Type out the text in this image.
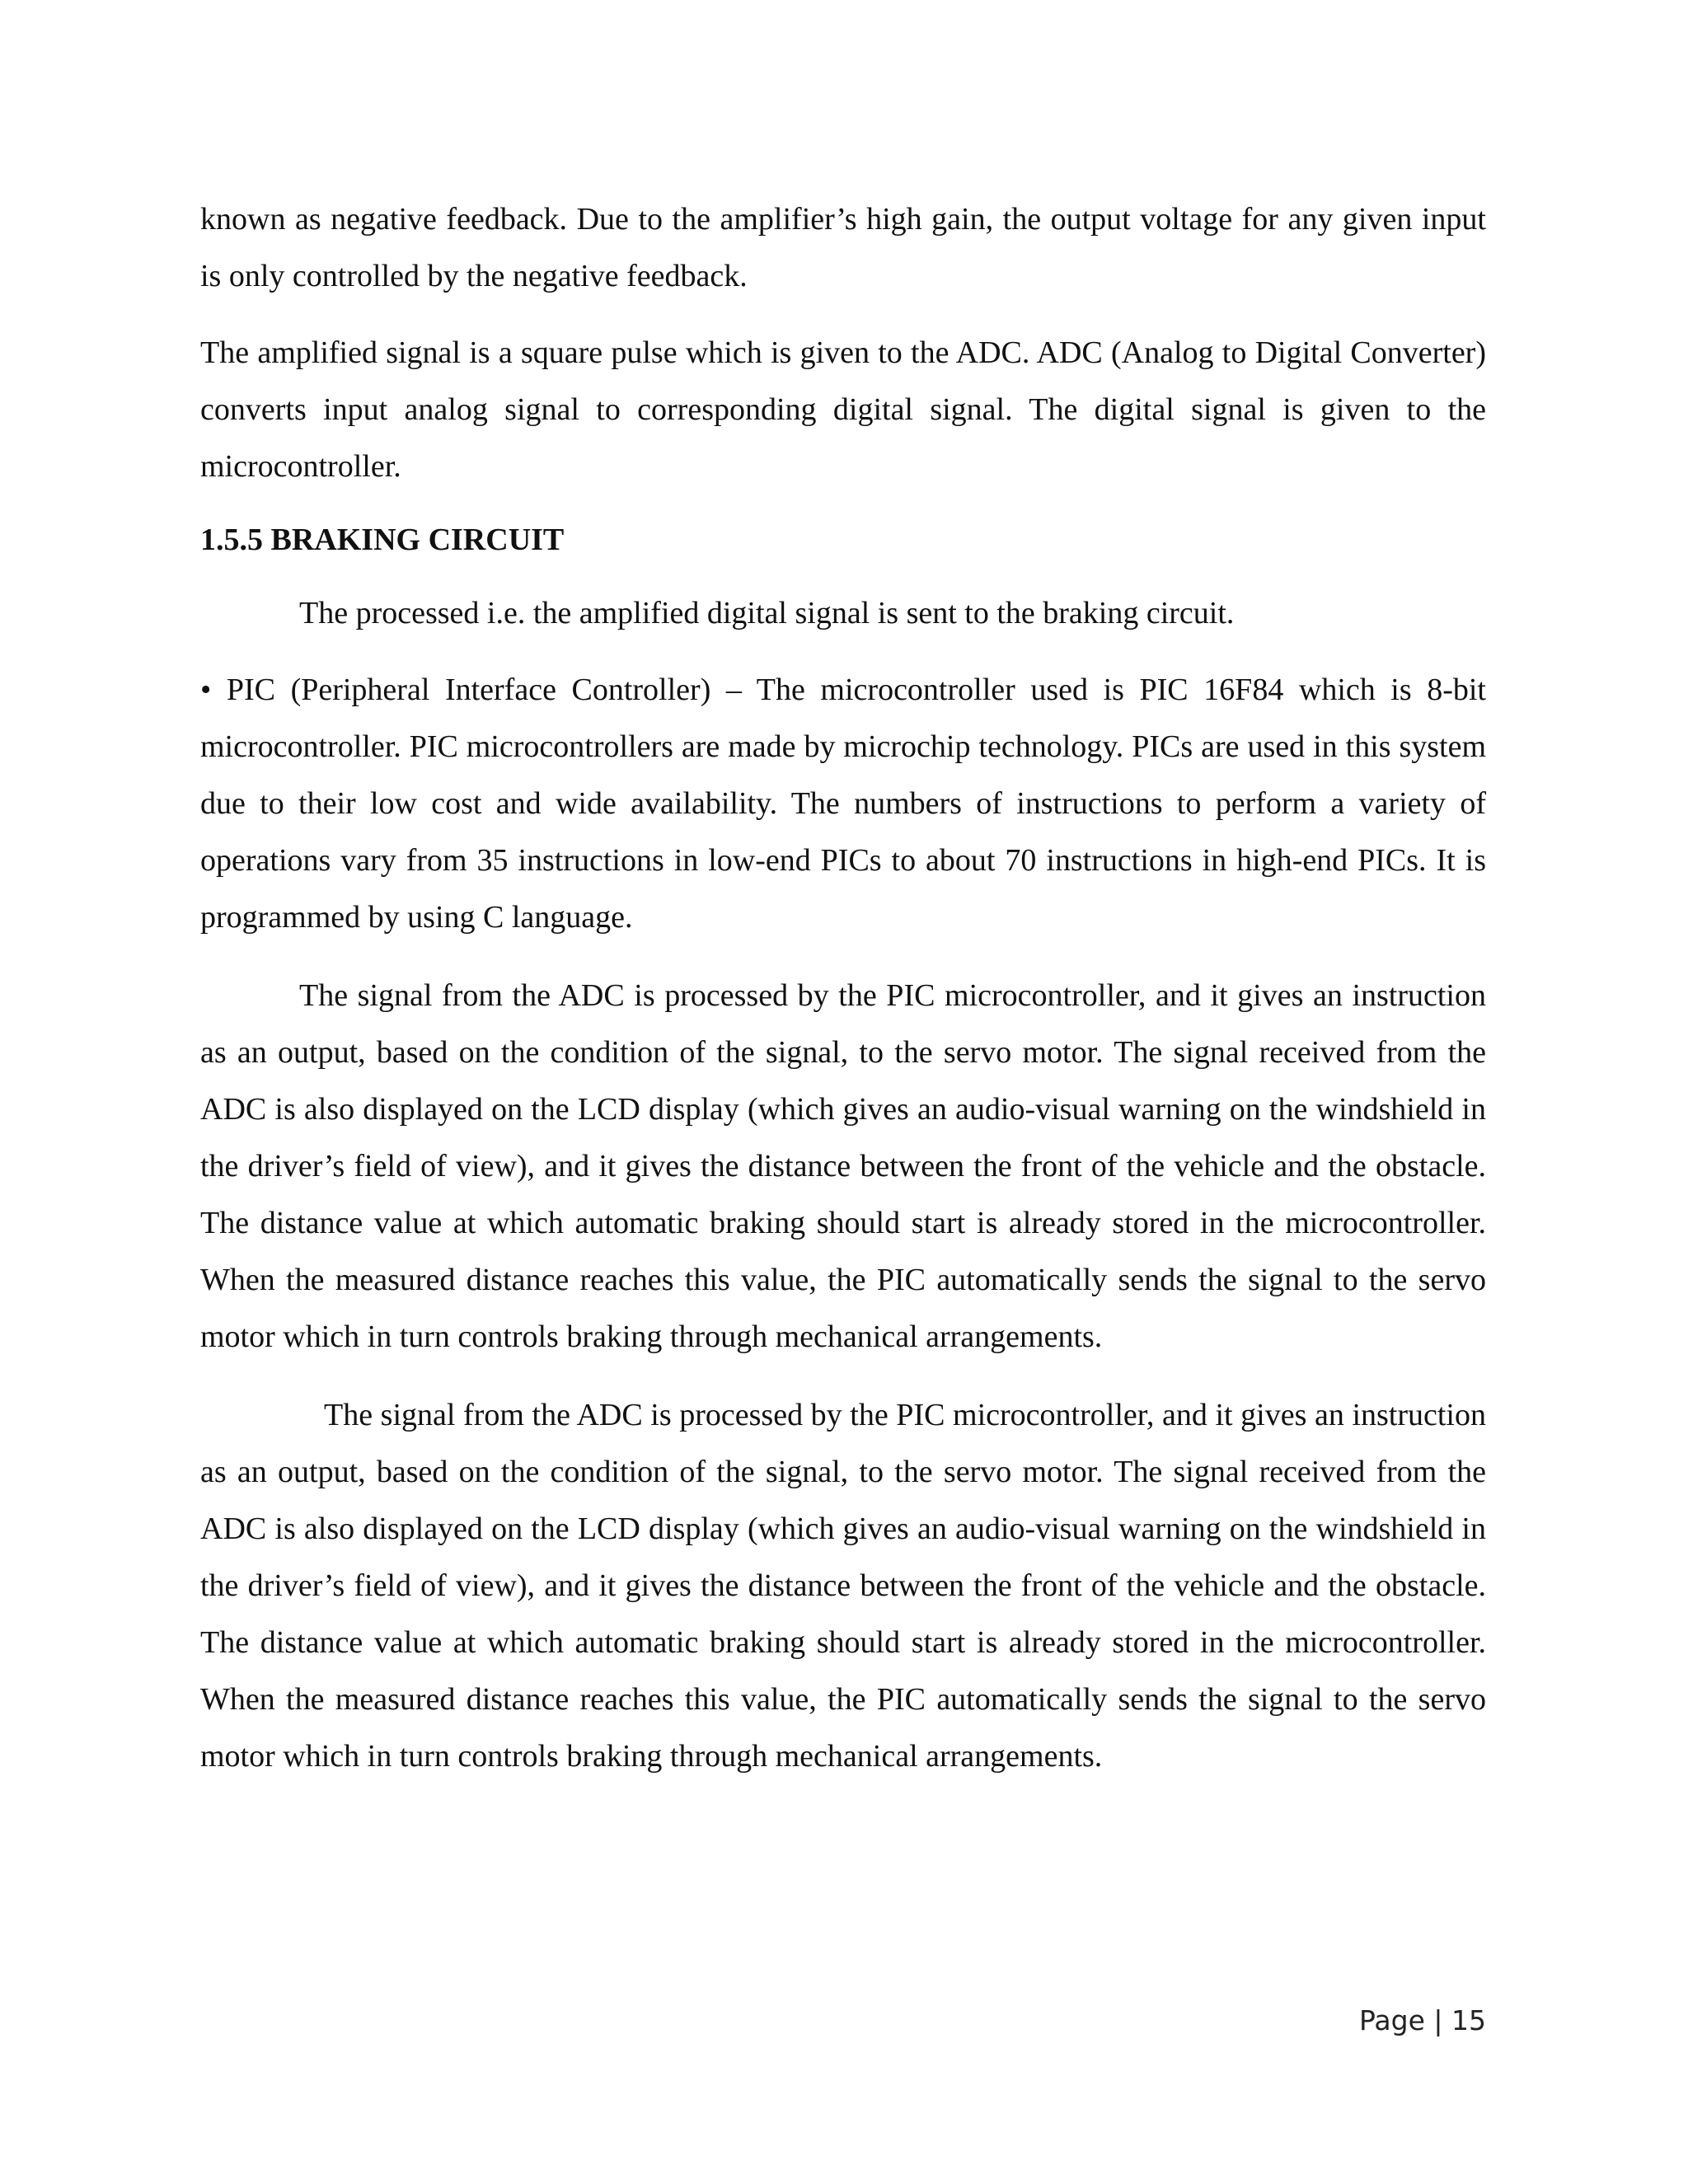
known as negative feedback. Due to the amplifier’s high gain, the output voltage for any given input is only controlled by the negative feedback.

The amplified signal is a square pulse which is given to the ADC. ADC (Analog to Digital Converter) converts input analog signal to corresponding digital signal. The digital signal is given to the microcontroller.

1.5.5 BRAKING CIRCUIT

The processed i.e. the amplified digital signal is sent to the braking circuit.

• PIC (Peripheral Interface Controller) – The microcontroller used is PIC 16F84 which is 8-bit microcontroller. PIC microcontrollers are made by microchip technology. PICs are used in this system due to their low cost and wide availability. The numbers of instructions to perform a variety of operations vary from 35 instructions in low-end PICs to about 70 instructions in high-end PICs. It is programmed by using C language.

The signal from the ADC is processed by the PIC microcontroller, and it gives an instruction as an output, based on the condition of the signal, to the servo motor. The signal received from the ADC is also displayed on the LCD display (which gives an audio-visual warning on the windshield in the driver’s field of view), and it gives the distance between the front of the vehicle and the obstacle. The distance value at which automatic braking should start is already stored in the microcontroller. When the measured distance reaches this value, the PIC automatically sends the signal to the servo motor which in turn controls braking through mechanical arrangements.

The signal from the ADC is processed by the PIC microcontroller, and it gives an instruction as an output, based on the condition of the signal, to the servo motor. The signal received from the ADC is also displayed on the LCD display (which gives an audio-visual warning on the windshield in the driver’s field of view), and it gives the distance between the front of the vehicle and the obstacle. The distance value at which automatic braking should start is already stored in the microcontroller. When the measured distance reaches this value, the PIC automatically sends the signal to the servo motor which in turn controls braking through mechanical arrangements.

Page | 15
